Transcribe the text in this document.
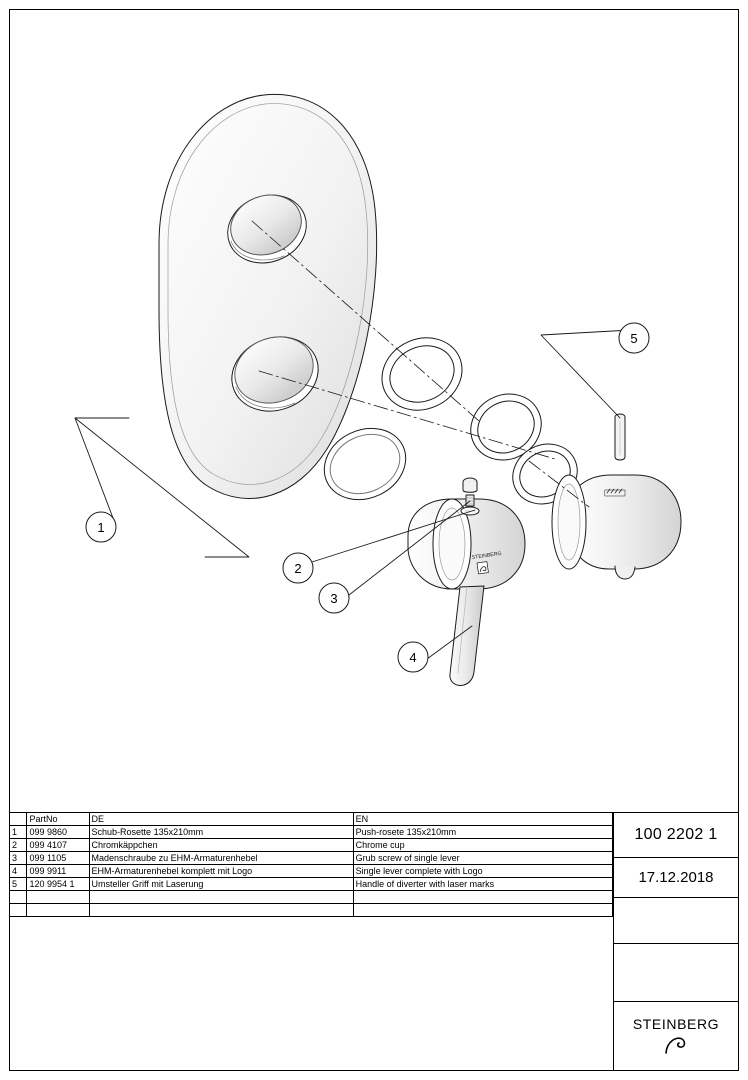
STEINBERG
1
2
3
4
5
	PartNo	DE	EN
1	099 9860	Schub-Rosette 135x210mm	Push-rosete 135x210mm
2	099 4107	Chromkäppchen	Chrome cup
3	099 1105	Madenschraube zu EHM-Armaturenhebel	Grub screw of single lever
4	099 9911	EHM-Armaturenhebel komplett mit Logo	Single lever complete with Logo
5	120 9954 1	Umsteller Griff mit Laserung	Handle of diverter with laser marks

100 2202 1
17.12.2018
STEINBERG
